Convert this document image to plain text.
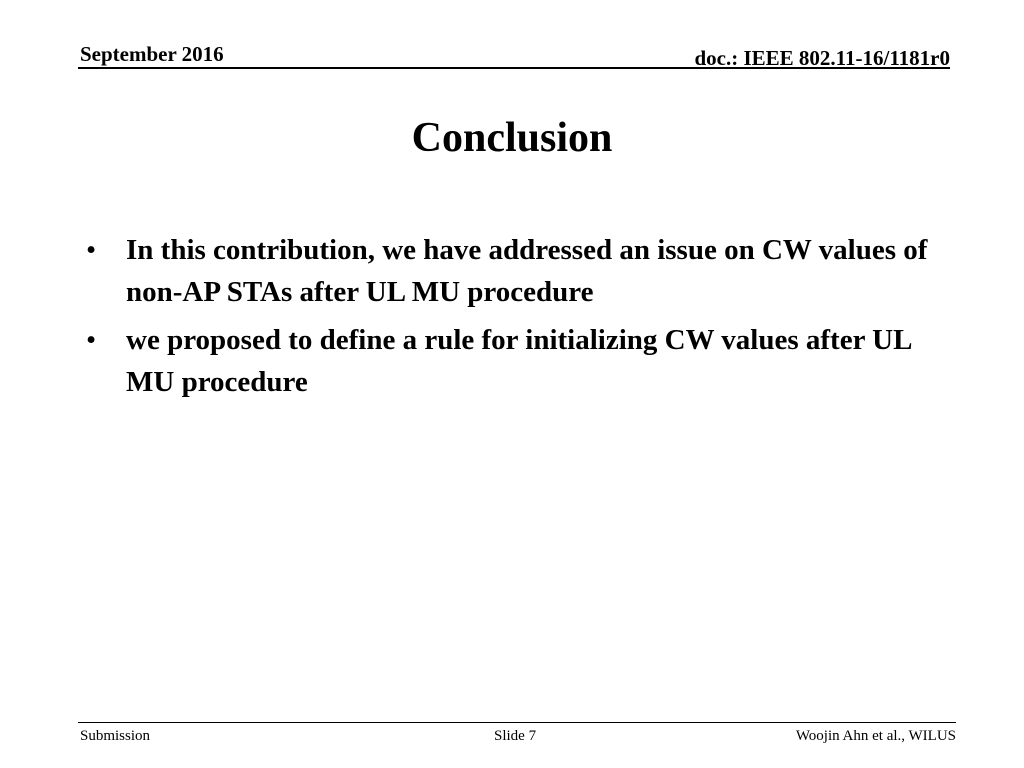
September 2016	doc.: IEEE 802.11-16/1181r0
Conclusion
• In this contribution, we have addressed an issue on CW values of non-AP STAs after UL MU procedure
• we proposed to define a rule for initializing CW values after UL MU procedure
Submission	Slide 7	Woojin Ahn et al., WILUS
